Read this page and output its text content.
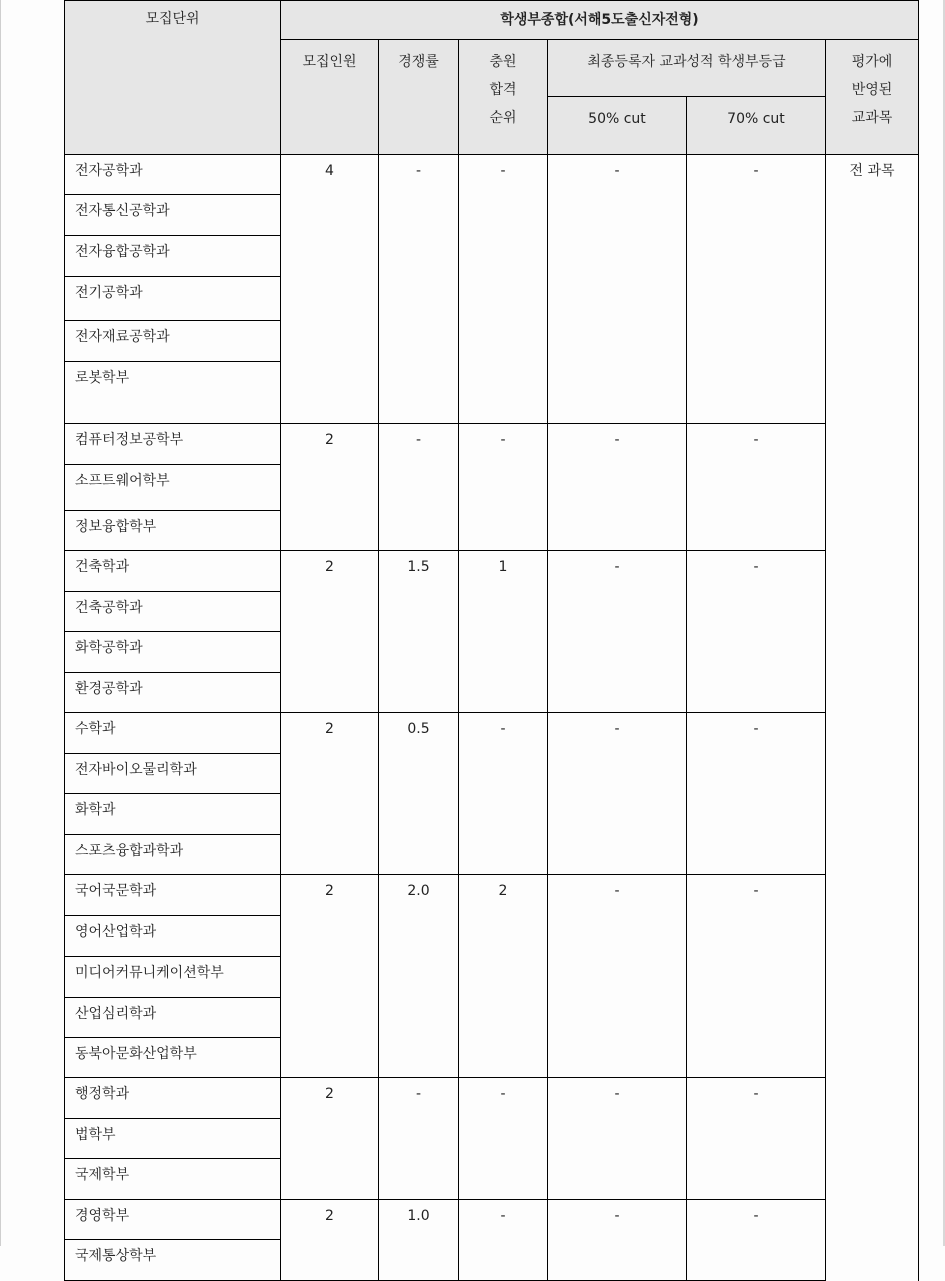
모집단위	학생부종합(서해5도출신자전형)					
모집인원	경쟁률	충원
합격
순위
	최종등록자 교과성적 학생부등급	평가에
반영된
교과목

				50% cut	70% cut	
전자공학과	4	-	-	-	-	전 과목
전자통신공학과						
전자융합공학과						
전기공학과						
전자재료공학과						
로봇학부						
컴퓨터정보공학부	2	-	-	-	-	
소프트웨어학부						
정보융합학부						
건축학과	2	1.5	1	-	-	
건축공학과						
화학공학과						
환경공학과						
수학과	2	0.5	-	-	-	
전자바이오물리학과						
화학과						
스포츠융합과학과						
국어국문학과	2	2.0	2	-	-	
영어산업학과						
미디어커뮤니케이션학부						
산업심리학과						
동북아문화산업학부						
행정학과	2	-	-	-	-	
법학부						
국제학부						
경영학부	2	1.0	-	-	-	
국제통상학부						
